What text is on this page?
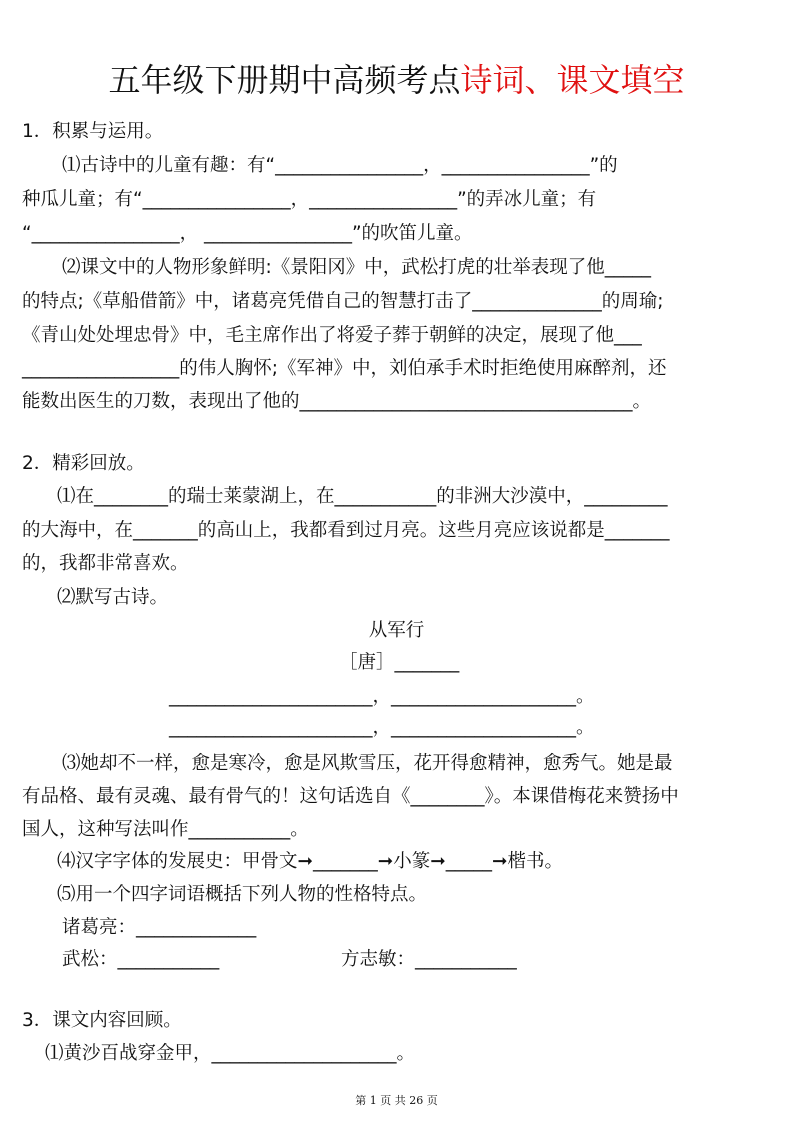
五年级下册期中高频考点诗词、课文填空
1．积累与运用。
⑴古诗中的儿童有趣：有“________________，________________”的
种瓜儿童；有“________________，________________”的弄冰儿童；有
“________________， ________________”的吹笛儿童。
⑵课文中的人物形象鲜明:《景阳冈》中，武松打虎的壮举表现了他_____
的特点;《草船借箭》中，诸葛亮凭借自己的智慧打击了______________的周瑜;
《青山处处埋忠骨》中，毛主席作出了将爱子葬于朝鲜的决定，展现了他___
_________________的伟人胸怀;《军神》中，刘伯承手术时拒绝使用麻醉剂，还
能数出医生的刀数，表现出了他的____________________________________。
2．精彩回放。
⑴在________的瑞士莱蒙湖上，在___________的非洲大沙漠中，_________
的大海中，在_______的高山上，我都看到过月亮。这些月亮应该说都是_______
的，我都非常喜欢。
⑵默写古诗。
从军行
［唐］_______
______________________，____________________。
______________________，____________________。
⑶她却不一样，愈是寒冷，愈是风欺雪压，花开得愈精神，愈秀气。她是最
有品格、最有灵魂、最有骨气的！这句话选自《________》。本课借梅花来赞扬中
国人，这种写法叫作___________。
⑷汉字字体的发展史：甲骨文➞_______➞小篆➞_____➞楷书。
⑸用一个四字词语概括下列人物的性格特点。
诸葛亮：_____________
武松：___________	方志敏：___________
3．课文内容回顾。
⑴黄沙百战穿金甲，____________________。
第 1 页 共 26 页
